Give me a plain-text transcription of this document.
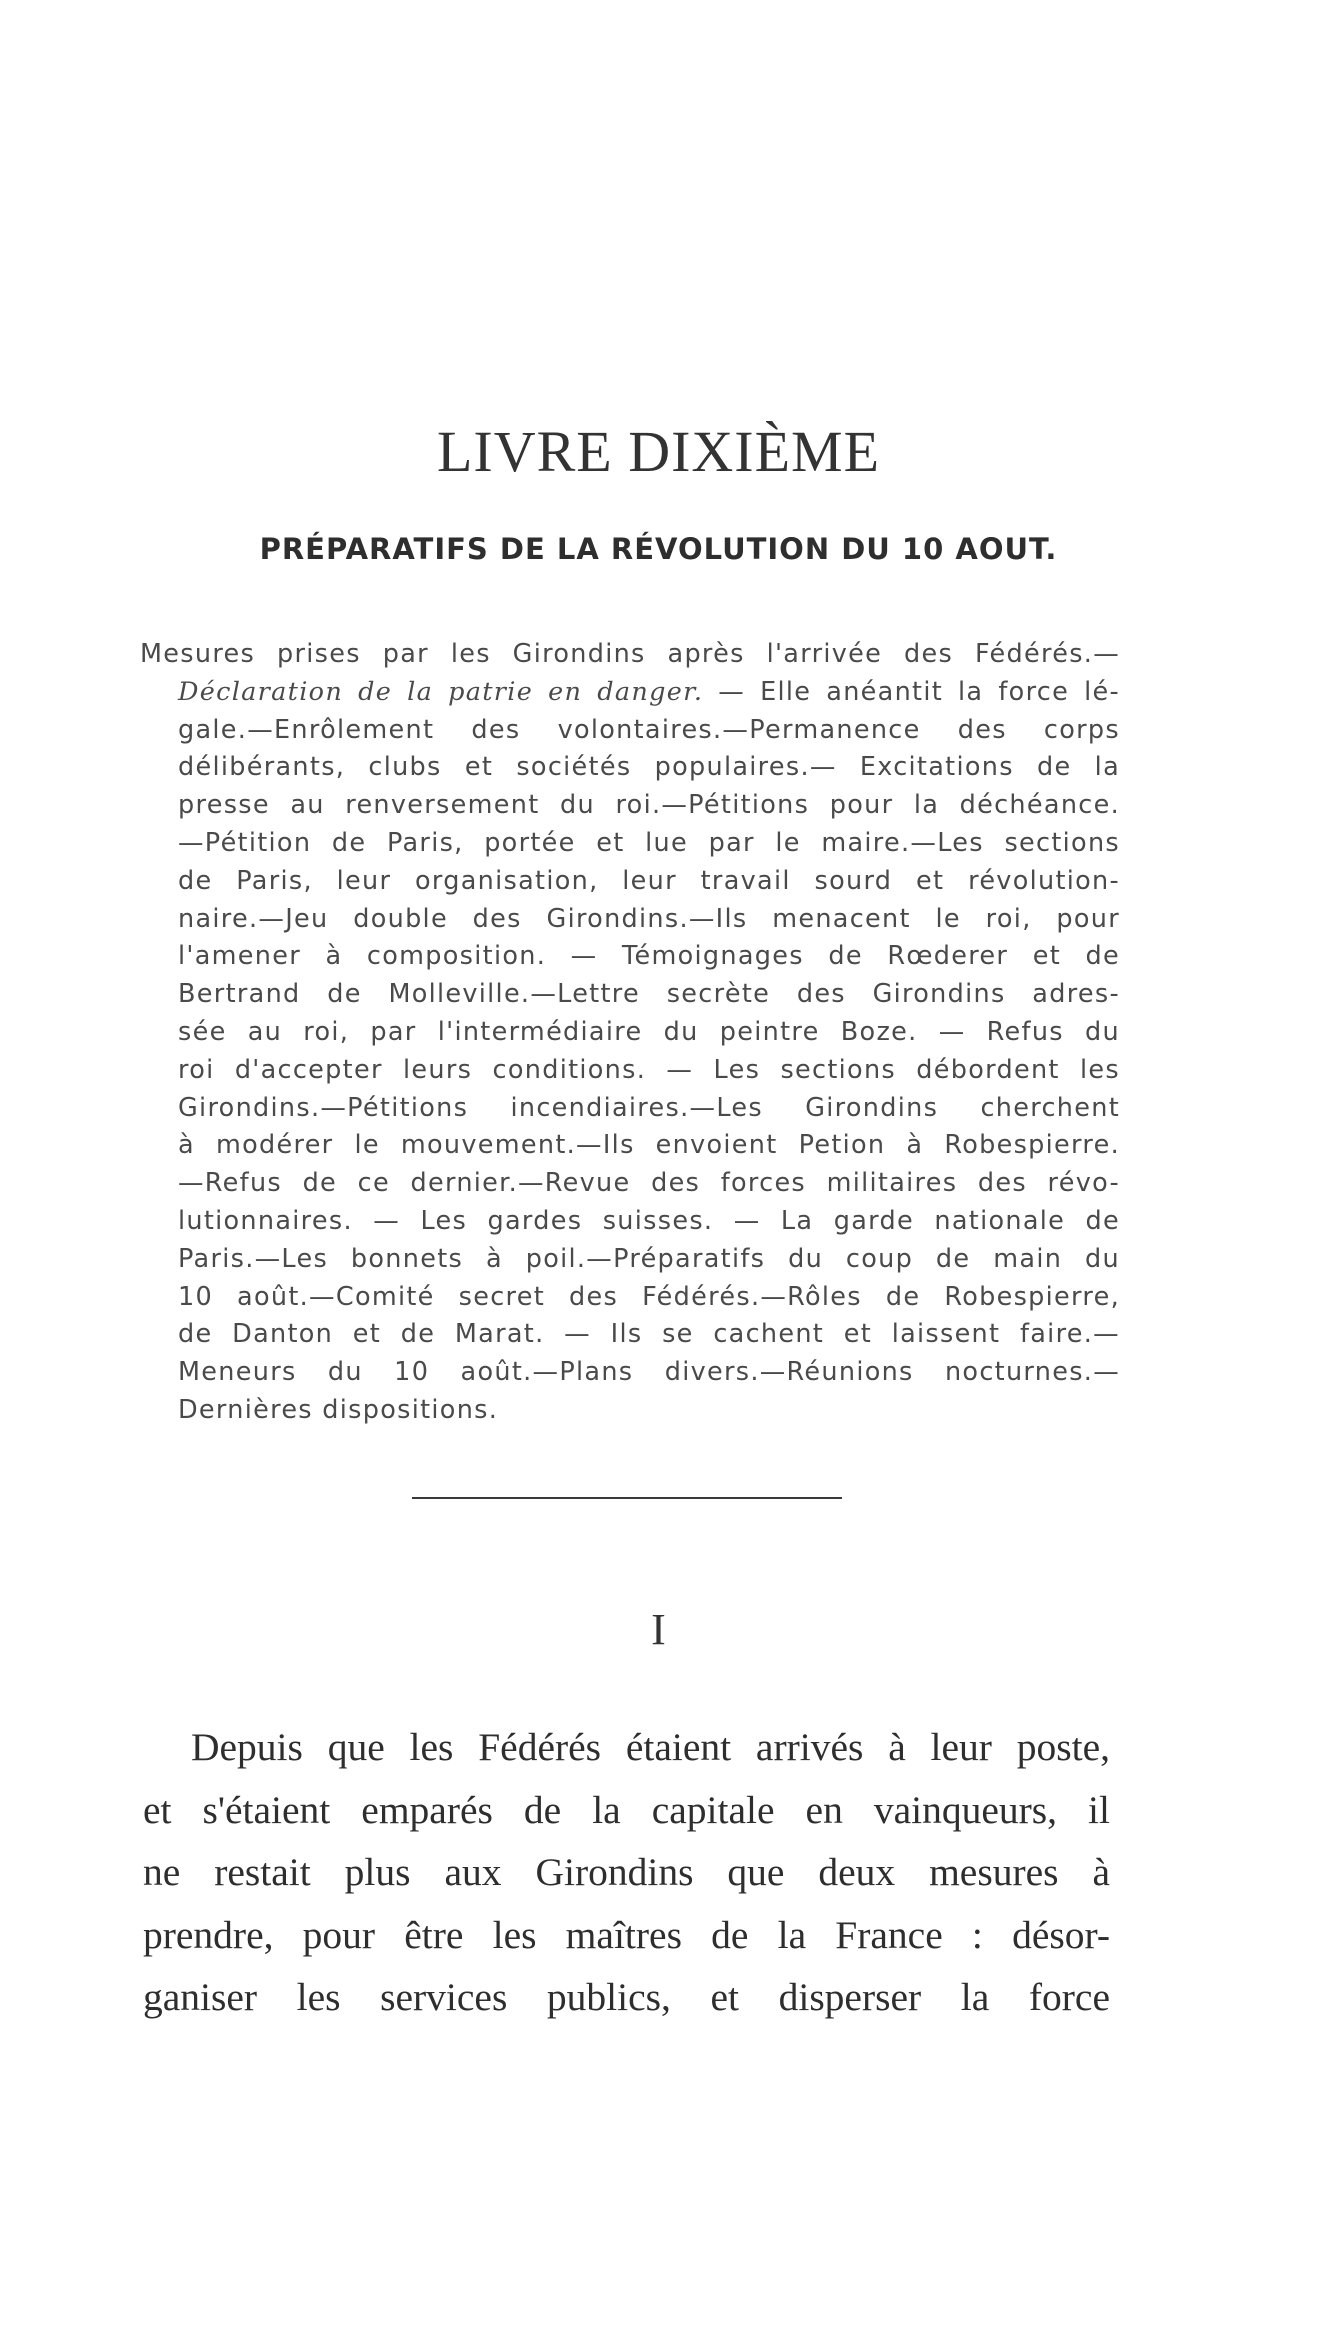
LIVRE DIXIÈME
PRÉPARATIFS DE LA RÉVOLUTION DU 10 AOUT.
Mesures prises par les Girondins après l'arrivée des Fédérés.—
Déclaration de la patrie en danger. — Elle anéantit la force lé-
gale.—Enrôlement des volontaires.—Permanence des corps
délibérants, clubs et sociétés populaires.— Excitations de la
presse au renversement du roi.—Pétitions pour la déchéance.
—Pétition de Paris, portée et lue par le maire.—Les sections
de Paris, leur organisation, leur travail sourd et révolution-
naire.—Jeu double des Girondins.—Ils menacent le roi, pour
l'amener à composition. — Témoignages de Rœderer et de
Bertrand de Molleville.—Lettre secrète des Girondins adres-
sée au roi, par l'intermédiaire du peintre Boze. — Refus du
roi d'accepter leurs conditions. — Les sections débordent les
Girondins.—Pétitions incendiaires.—Les Girondins cherchent
à modérer le mouvement.—Ils envoient Petion à Robespierre.
—Refus de ce dernier.—Revue des forces militaires des révo-
lutionnaires. — Les gardes suisses. — La garde nationale de
Paris.—Les bonnets à poil.—Préparatifs du coup de main du
10 août.—Comité secret des Fédérés.—Rôles de Robespierre,
de Danton et de Marat. — Ils se cachent et laissent faire.—
Meneurs du 10 août.—Plans divers.—Réunions nocturnes.—
Dernières dispositions.
I
Depuis que les Fédérés étaient arrivés à leur poste,
et s'étaient emparés de la capitale en vainqueurs, il
ne restait plus aux Girondins que deux mesures à
prendre, pour être les maîtres de la France : désor-
ganiser les services publics, et disperser la force
